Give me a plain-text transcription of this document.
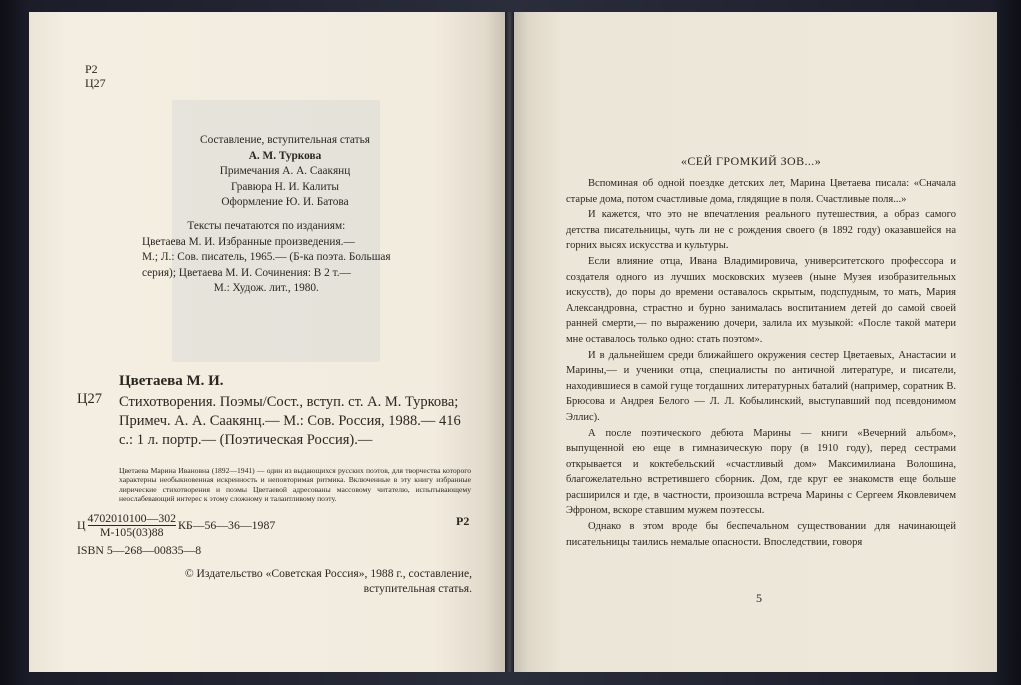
Р2
Ц27
Составление, вступительная статья
А. М. Туркова
Примечания А. А. Саакянц
Гравюра Н. И. Калиты
Оформление Ю. И. Батова
Тексты печатаются по изданиям:
Цветаева М. И. Избранные произведения.—
М.; Л.: Сов. писатель, 1965.— (Б-ка поэта. Большая
серия); Цветаева М. И. Сочинения: В 2 т.—
М.: Худож. лит., 1980.
Цветаева М. И.
Ц27 Стихотворения. Поэмы/Сост., вступ. ст. А. М. Туркова; Примеч. А. А. Саакянц.— М.: Сов. Россия, 1988.— 416 с.: 1 л. портр.— (Поэтическая Россия).—
Цветаева Марина Ивановна (1892—1941) — один из выдающихся русских поэтов, для творчества которого характерны необыкновенная искренность и неповторимая ритмика. Включенные в эту книгу избранные лирические стихотворения и поэмы Цветаевой адресованы массовому читателю, испытывающему неослабевающий интерес к этому сложному и талантливому поэту.
Ц $\frac{4702010100—302}{М-105(03)88}$ КБ—56—36—1987	Р2
ISBN 5—268—00835—8
© Издательство «Советская Россия», 1988 г., составление, вступительная статья.
«СЕЙ ГРОМКИЙ ЗОВ...»

Вспоминая об одной поездке детских лет, Марина Цветаева писала: «Сначала старые дома, потом счастливые дома, глядящие в поля. Счастливые поля...»

И кажется, что это не впечатления реального путешествия, а образ самого детства писательницы, чуть ли не с рождения своего (в 1892 году) оказавшейся на горних высях искусства и культуры.

Если влияние отца, Ивана Владимировича, университетского профессора и создателя одного из лучших московских музеев (ныне Музея изобразительных искусств), до поры до времени оставалось скрытым, подспудным, то мать, Мария Александровна, страстно и бурно занималась воспитанием детей до самой своей ранней смерти,— по выражению дочери, залила их музыкой: «После такой матери мне оставалось только одно: стать поэтом».

И в дальнейшем среди ближайшего окружения сестер Цветаевых, Анастасии и Марины,— и ученики отца, специалисты по античной литературе, и писатели, находившиеся в самой гуще тогдашних литературных баталий (например, соратник В. Брюсова и Андрея Белого — Л. Л. Кобылинский, выступавший под псевдонимом Эллис).

А после поэтического дебюта Марины — книги «Вечерний альбом», выпущенной ею еще в гимназическую пору (в 1910 году), перед сестрами открывается и коктебельский «счастливый дом» Максимилиана Волошина, благожелательно встретившего сборник. Дом, где круг ее знакомств еще больше расширился и где, в частности, произошла встреча Марины с Сергеем Яковлевичем Эфроном, вскоре ставшим мужем поэтессы.

Однако в этом вроде бы беспечальном существовании для начинающей писательницы таились немалые опасности. Впоследствии, говоря

5
